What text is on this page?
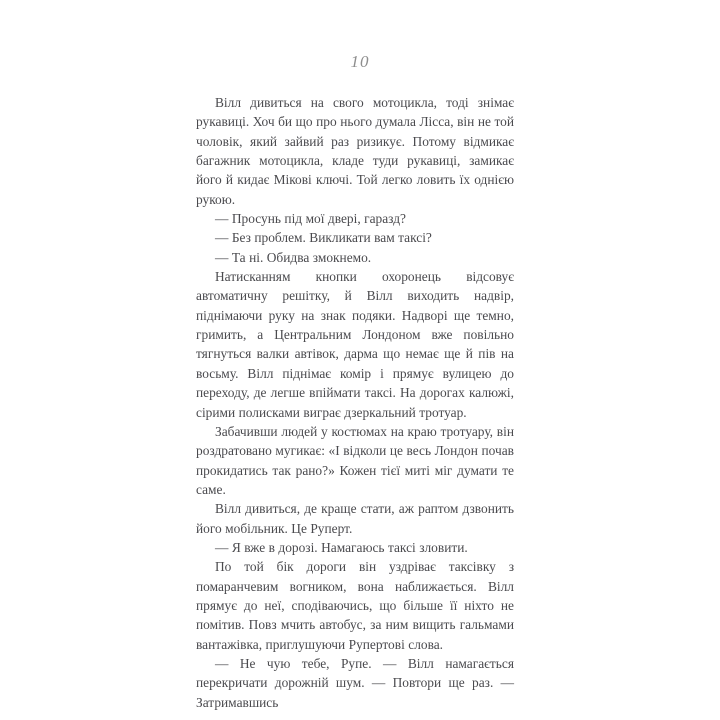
10

Вілл дивиться на свого мотоцикла, тоді знімає рукавиці. Хоч би що про нього думала Лісса, він не той чоловік, який зайвий раз ризикує. Потому відмикає багажник мотоцикла, кладе туди рукавиці, замикає його й кидає Мікові ключі. Той легко ловить їх однією рукою.

— Просунь під мої двері, гаразд?

— Без проблем. Викликати вам таксі?

— Та ні. Обидва змокнемо.

Натисканням кнопки охоронець відсовує автоматичну решітку, й Вілл виходить надвір, піднімаючи руку на знак подяки. Надворі ще темно, гримить, а Центральним Лондоном вже повільно тягнуться валки автівок, дарма що немає ще й пів на восьму. Вілл піднімає комір і прямує вулицею до переходу, де легше впіймати таксі. На дорогах калюжі, сірими полисками виграє дзеркальний тротуар.

Забачивши людей у костюмах на краю тротуару, він роздратовано мугикає: «І відколи це весь Лондон почав прокидатись так рано?» Кожен тієї миті міг думати те саме.

Вілл дивиться, де краще стати, аж раптом дзвонить його мобільник. Це Руперт.

— Я вже в дорозі. Намагаюсь таксі зловити.

По той бік дороги він уздріває таксівку з помаранчевим вогником, вона наближається. Вілл прямує до неї, сподіваючись, що більше її ніхто не помітив. Повз мчить автобус, за ним вищить гальмами вантажівка, приглушуючи Рупертові слова.

— Не чую тебе, Рупе. — Вілл намагається перекричати дорожній шум. — Повтори ще раз. — Затримавшись
